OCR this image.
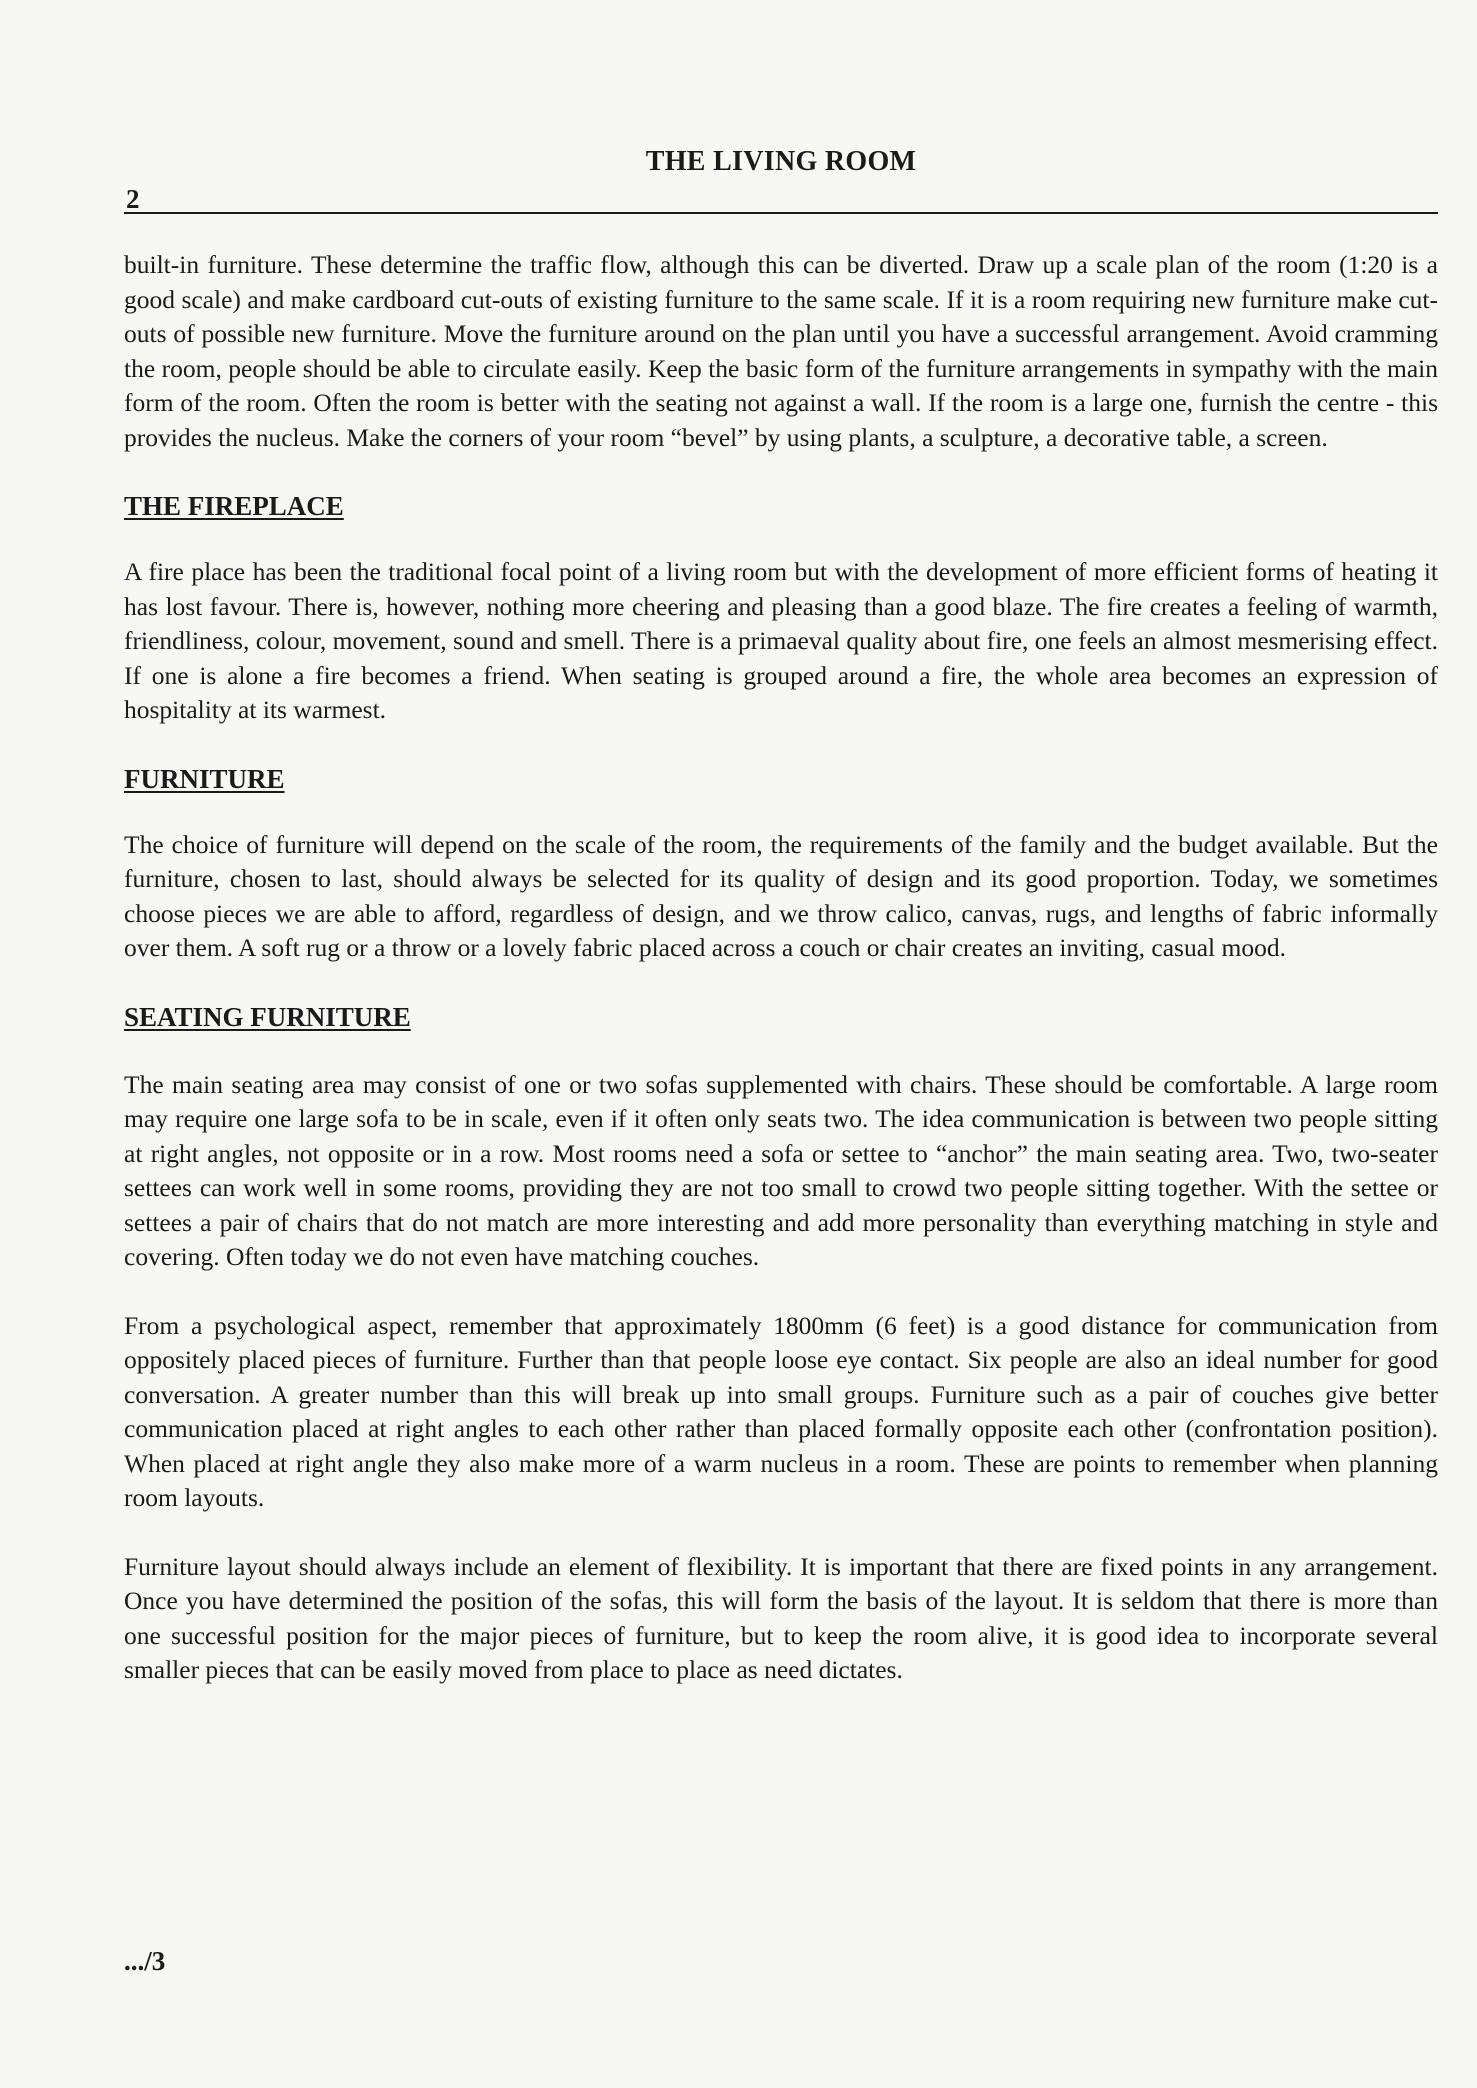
THE LIVING ROOM
2

built-in furniture. These determine the traffic flow, although this can be diverted. Draw up a scale plan of the room (1:20 is a good scale) and make cardboard cut-outs of existing furniture to the same scale. If it is a room requiring new furniture make cut-outs of possible new furniture. Move the furniture around on the plan until you have a successful arrangement. Avoid cramming the room, people should be able to circulate easily. Keep the basic form of the furniture arrangements in sympathy with the main form of the room. Often the room is better with the seating not against a wall. If the room is a large one, furnish the centre - this provides the nucleus. Make the corners of your room “bevel” by using plants, a sculpture, a decorative table, a screen.

THE FIREPLACE

A fire place has been the traditional focal point of a living room but with the development of more efficient forms of heating it has lost favour. There is, however, nothing more cheering and pleasing than a good blaze. The fire creates a feeling of warmth, friendliness, colour, movement, sound and smell. There is a primaeval quality about fire, one feels an almost mesmerising effect. If one is alone a fire becomes a friend. When seating is grouped around a fire, the whole area becomes an expression of hospitality at its warmest.

FURNITURE

The choice of furniture will depend on the scale of the room, the requirements of the family and the budget available. But the furniture, chosen to last, should always be selected for its quality of design and its good proportion. Today, we sometimes choose pieces we are able to afford, regardless of design, and we throw calico, canvas, rugs, and lengths of fabric informally over them. A soft rug or a throw or a lovely fabric placed across a couch or chair creates an inviting, casual mood.

SEATING FURNITURE

The main seating area may consist of one or two sofas supplemented with chairs. These should be comfortable. A large room may require one large sofa to be in scale, even if it often only seats two. The idea communication is between two people sitting at right angles, not opposite or in a row. Most rooms need a sofa or settee to “anchor” the main seating area. Two, two-seater settees can work well in some rooms, providing they are not too small to crowd two people sitting together. With the settee or settees a pair of chairs that do not match are more interesting and add more personality than everything matching in style and covering. Often today we do not even have matching couches.

From a psychological aspect, remember that approximately 1800mm (6 feet) is a good distance for communication from oppositely placed pieces of furniture. Further than that people loose eye contact. Six people are also an ideal number for good conversation. A greater number than this will break up into small groups. Furniture such as a pair of couches give better communication placed at right angles to each other rather than placed formally opposite each other (confrontation position). When placed at right angle they also make more of a warm nucleus in a room. These are points to remember when planning room layouts.

Furniture layout should always include an element of flexibility. It is important that there are fixed points in any arrangement. Once you have determined the position of the sofas, this will form the basis of the layout. It is seldom that there is more than one successful position for the major pieces of furniture, but to keep the room alive, it is good idea to incorporate several smaller pieces that can be easily moved from place to place as need dictates.

.../3
